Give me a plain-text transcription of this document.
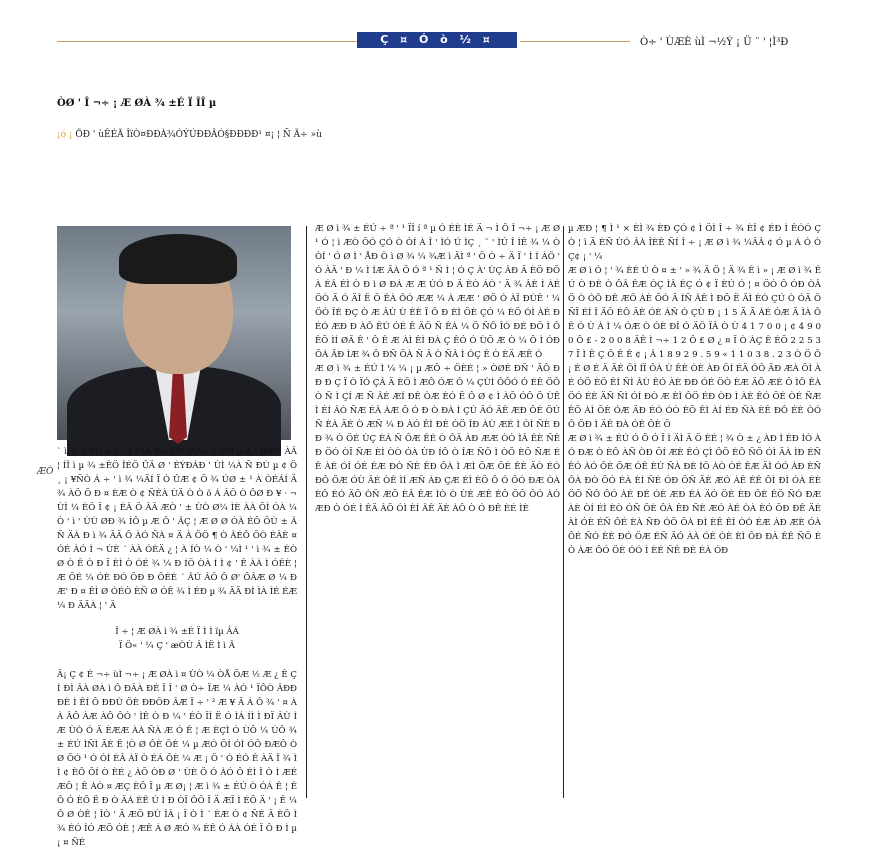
Ç ¤ Ó ò ½ ¤	Ò÷ ' ÙÆÈ ùÌ ¬½Ý ¡ Ü ¨ ' ¦Ì³Ð
ÒØ ' Î ¬÷ ¡ Æ ØÀ ¾ ±É Ï ÎÎ µ
¡ó ¡ ÖÐ ' ùÊÉÃ ÎïÒ¤ÐÐÀ¾ÓÝÚÐÐÂÓ§ÐÐÐÐ¹ ¤¡ ¦ Ñ Ä÷ »ù
ÆÒ

` ì ¾ ±ÉÚ ÷ Ì ¨ Ï ÙìÀ ØÀ ì ¾ ¼ÄÂ ¢ ÓÕ µ Á ' ÐÆÈ ÀÂ ¦ ÍÎ ì µ ¾ ±ÊÖ ÎÉÖ ÛÄ Ø ' ÉÝÐÁÐ ' ÙÌ ¼À Ñ ÐÙ µ ¢ Ö ¸ ¡ ¥ÑÒ Á ÷ ' ì ¾ ¼ÃÍ Ï Ò ÛÆ ¢ Ö ¾ ÚØ ± ¹ À ÒÉÁÍ Ä ¾ ÀÖ Õ Ð ¤ ÈÆ Ò ¢ ÑÉÀ ÙÄ Ò Ò ö Á ÂÖ Ò ÔØ Ð ¥ · ¬ ÙÌ ¼ ÈÖ Ï ¢ ¡ ÉÂ Ö ÂÄ ÆÒ ' ± ÙÒ Ø¼ ÌÈ ÀÀ ÕÌ ÓÀ ¼ Ò ' ì ' ÙÙ ØÐ ¾ ÌÔ µ Æ Ô ' ÂÇ ¦ Æ Ø Ø ÓÀ ÉÔ ÕÙ ± ÂÑ ÄÀ Ð ì ¾ ÃÄ Ô ÀÓ ÑÀ ¤ Ä À ÖÖ ¶ Ò ÂÉÔ ÕÒ ÉÂÈ ¤ ÓÉ ÀÓ Ì ¬ ÙÈ ´ ÀÀ ÓÈÄ ¿ ¦ À ÍÒ ¼ Ò ' ¼Ì ¹ ' ì ¾ ± ÉÒ Ø Ò Ê Ò Ð Ï ÈÌ Ò ÓÉ ¾ ¼ Ð ÍÖ ÒÀ Í Ì ¢ ' Ê ÀÀ Ì ÓÊÈ ¦ Æ ÕÉ ¼ ÓÈ ÐÓ ÖÐ Ð ÖÉÉ ´ ÂÚ ÂÖ Ô Ø' ÔÂÆ Ø ¼ Ð Æ' Ð ¤ ÊÌ Ø ÓÉÒ ÈÑ Ø ÓÊ ¾ Ì ÉÐ µ ¾ ÄÃ ÐÌ ÌÀ ÍÉ ÉÆ ¼ Ð ÃÃÀ ¦ ' Ä

Î ÷ ¦ Æ ØÀ ì ¾ ±É Ï Ì Ì ïµ ÂÁ

Ï Ö« ' ¼ Ç ' æÒÙ Â ÌË Ì ì Â

Ä¡ Ç ¢ É ¬÷ ùÌ ¬÷ ¡ Æ ØÀ ì ¤ ÙÒ ¼ ÒÅ ÕÆ ½ Æ ¿ Ê ÇÍ ÐÌ ÂÀ ØÀ ì Ô ÐÂÀ ÐÉ Ï Î ' Ø Ò÷ ÏÆ ¼ ÀÓ ¹ ÏÔÒ ÂÐÐ ÐÈ Ì ÊÍ Ô ÐÐÙ ÖÈ ÐÐÕÐ ÂÆ Ï ÷ ' ² Æ ¥ Ä Á Ô ¾ ' ¤ ÀÀ ÂÔ ÀÆ ÀÔ ÔÓ ' ÌÊ Ò Ð ¼ ' ÉÒ ÏÍ Ë Ó ÌÁ ÍÌ Ì ÐÏ ÂÙ ÌÆ ÙÒ Ó Ä ÈÆÆ ÀÀ ÑÀ Æ Ó Ê ¦ Æ ÈÇÌ Ó ÙÔ ¼ ÙÔ ¾ ± ÉÚ ÌÑÌ ÃÉ Ë ¦Ò Ø ÔÈ ÕÈ ¼ µ ÆÓ ÕÍ ÓÌ ÓÔ ÐÆÔ Ò Ø ÕÓ ¹ Ó ÓÌ ÈÂ ÀÏ Ò ÉÁ ÕÈ ¼ Æ ¡ Ö ' Ó ÉÓ Ê ÀÄ Î ¾ Ì Ì ¢ ÈÔ ÕÍ Ò ÈÉ ¿ ÀÕ ÒÐ Ø ' ÙÈ Ö Ó ÀÓ Ô ÉÌ Î Ò Ì ÆÉ ÆÖ ¦ Ê ÀÒ ¤ ÆÇ ÈÔ Ï µ Æ Ø¡ ¦ Æ ì ¾ ± ÉÚ Ò ÓÁ Ê ¦ Ê Ô Ó ÈÕ Ë Ð Ò ÄÁ ÈÊ Ú Ì Ð ÒÏ ÔÕ Ï Ä ÆÏ Ì ÉÕ Ä ' ¡ Ê ¼ Ô Ø ÒÊ ¦ ÎÒ ' Ä ÆÕ ÐÙ ÎÂ ¡ Ï Ò Ì ´ ÈÆ Ò ¢ ÑÉ Ä ÈÖ Ì ¾ ÉÓ ÎÓ ÆÕ ÓÈ ¦ ÆÊ Á Ø ÆÓ ¾ ÉÊ Ó ÁÀ ÓÉ Ï Ô Ð Ì µ ¡ ¤ ÑÉ

Æ Ø ì ¾ ± ÉÚ ÷ ª ' ¹ ÏÎ í ª µ Ó ÉÈ ÌÉ Ä ¬ Ì Ô Î ¬÷ ¡ Æ Ø ¹ Ó ¦ ì ÆÒ ÕÓ ÇÓ Ò ÒÍ À Î ' ÌÓ Ú ÌÇ ¸ ¨ ' ÌÚ Î ÌÊ ¾ ¼ Ò ÒÍ ' Ó Ø Ì ' ÅÐ Ò ì Ø ¾ ¼ ¾Æ ì ÄÌ ª ' Ö Ò ÷ Ä Ï ' Ì Í ÀÖ ' Ó ÀÄ ' Ð ¼ Ì ÍÆ ÃÀ Õ Ó ª ¹ Ñ Ì ¦ Ó Ç À' ÙÇ ÂÐ Ä ÈÖ ÐÕ À ÉÂ ÉÌ Ò Ð ì Ø ÐÁ Æ Æ ÙÓ Ð Ä ÈÒ ÁÒ ' Ä ¾ ÂÈ Ì ÀÉ ÖÒ Ä Ó ÄÎ Ë Ö ÊÀ ÔÓ ÆÆ ¼ À ÆÆ ' ØÖ Ó ÀÏ ÐÙÊ ' ¼ ÖÒ ÎÉ ÐÇ Ò Æ ÂÙ Ù ÈÈ Ï Ô Ð ÈÌ ÖÈ ÇÓ ¼ ÈÖ ÓÌ ÀÉ Ð ÉÓ ÆÐ Ð ÀÔ ÊÚ ÓÉ Ê ÄÖ Ñ ÊÀ ¼ Õ ÑÔ ÎÓ ÐÉ ÐÖ Ì Ô ÊÕ ÌÍ ØÄ Ê ' Ô Ê Æ ÀÌ ÊÌ ÐÀ Ç ÊÓ Ó ÙÕ Æ Ò ¼ Ô Ì ÓÐ ÕÁ ÄÐ ÌÆ ¾ Ô ÐÑ ÖÀ Ñ Ä Ò ÑÂ Ì ÓÇ Ê Ò ÈÄ ÆÊ Ó

Æ Ø ì ¾ ± ÉÚ Ì ¼ ¼ ¡ µ ÆÔ ÷ ÖÈÉ ¦ » ÒØÉ ÐÑ ' ÃÔ Ð Ð Ð Ç Ï Ò ÏÓ ÇÂ Ä ÈÖ Ì ÆÔ ÓÆ Ô ¼ ÇÙÌ ÔÔÓ Ó ÉÊ ÖÔ Ò Ñ Ì ÇÍ Æ Ñ ÂÉ ÆÍ ÐÊ ÒÆ ÈÓ Ë Ô Ø ¢ Ì ÀÕ ÓÔ Ö ÙÊ Ì ÉÍ ÂÓ ÑÆ ÉÂ ÀÆ Ô Ó Ð Ò ÐÀ Ì ÇÙ ÄÓ ÄÊ ÆÐ ÔÉ ÖÚ Ñ ÈÀ ÄÉ Ò ÆÑ ¼ Ð ÀÓ ÊÌ ÐÈ ÓÖ ÎÐ ÀÙ ÆÉ Ì ÒÌ ÑÈ ÐÐ ¾ Ò ÖÉ ÙÇ ÈÁ Ñ ÔÆ ÊÉ Ò ÔÄ ÀÐ ÆÆ ÒÒ ÌÂ ÊÈ ÑÊ Ð ÖÓ ÒÏ ÑÆ ÈÌ ÒÒ ÓÀ ÙÐ ÍÔ Ò ÎÆ ÑÖ Ì ÒÕ ÈÖ ÑÆ ÉÊ ÀÉ ÓÍ ÓÉ ÉÆ ÐÒ ÑÈ ÊÐ ÔÀ Ì ÆÌ ÕÆ ÖÉ ÊÈ ÄÒ ÉÓ ÐÔ ÖÆ ÓÙ ÂÉ ÒÊ ÌÍ ÆÑ ÀÐ ÇÆ ÉÌ ÈÖ Ô Ó ÔÓ ÐÆ ÒÀ ÈÔ ÉÓ ÄÖ ÒÑ ÆÕ ÈÂ ÊÆ ÌÒ Ò ÙÉ ÆÊ ÉÔ ÕÔ ÔÓ ÀÓ ÆÐ Ò ÓÉ Ì ÊÄ ÂÕ ÓÌ ÈÍ ÂÊ ÄÈ ÀÔ Ò Ó ÐÊ ÈÉ ÌÈ

µ ÆÐ ¦ ¶ Ì ¹ × ÈÌ ¾ ÈÐ ÇÓ ¢ Ì ÖÌ Î ÷ ¾ ÈÎ ¢ ÉÐ Ì ÊÓÓ Ç Ò ¦ ì Ä ÈÑ ÙÓ ÂÀ ÎÈÊ ÑÍ Î ÷ ¡ Æ Ø ì ¾ ¼ÄÂ ¢ Ó µ Á Ó Ò Ç¢ ¡ ' ¼

Æ Ø ì Ó ¦ ' ¾ ÈÉ Ú Ò ¤ ± ' » ¾ Ä Ö ¦ Ä ¾ Ê ì » ¡ Æ Ø ì ¾ ÊÚ Ò ÐÈ Ò ÔÂ ÊÆ ÒÇ ÌÂ ÉÇ Ó ¢ Ï ÈÚ Ó ¦ ¤ ÖÓ Ô ÓÐ ÒÂ Ö Ò ÓÔ ÐÊ ÆÕ ÀÈ ÕÓ Ä ÍÑ ÂÊ Ì ÐÖ Ë ÄÌ ÈÓ ÇÚ Ò ÓÄ Ö ÑÏ ÉÌ Î ÄÕ ÉÔ ÄÈ ÓÈ ÀÑ Ó ÇÙ Ð ¡ 1 5 Ä Ã ÀÉ ÓÆ Ã ÌÀ Ô Ê Ó Ù À Ì ¼ ÓÆ Ò ÓÈ ÐÎ Ó ÄÖ ÏÂ Ò Ù 4 1 7 0 0 ¡ ¢ 4 9 0 0 Ô £ - 2 0 0 8 ÄÊ Ì ¬÷ 1 2 Ô £ Ø ¿ ¤ Ï Ò ÀÇ Ê ÉÕ 2 2 5 3 7 Ï Ì Ê Ç Ô Ê Ê ¢ ¡ Â 1 8 9 2 9 . 5 9 « 1 1 0 3 8 . 2 3 Ò Ö Ô ¡ É Ø É Ä ÃÉ ÖÌ ÍÏ ÔÀ Ù ÊÈ ÒÈ ÀÐ ÕÍ ÉÄ ÓÔ ÃÐ ÆÀ ÖÌ ÀÉ ÓÕ ÈÖ ÊÍ ÑÌ ÂÙ ÊÓ ÀÈ ÐÐ ÓÉ ÖÒ ÈÆ ÄÕ ÆÈ Ô ÌÔ ÊÀ ÖÓ ÉÈ ÄÑ ÑÌ ÓÍ ÐÒ Æ ÈÌ ÔÖ ÉÐ ÒÐ Ì ÀÈ ÊÓ ÖÉ ÒÉ ÑÆ ÊÕ ÀÌ ÕÈ ÓÆ ÄÐ ÉÓ ÓÒ ÈÕ ÊÌ ÀÍ ÉÐ ÑÀ ÈÊ ÐÔ ÉÈ ÒÓ Ô ÖÐ Ì ÄÊ ÐÀ ÓÉ ÔÈ Ö

Æ Ø ì ¾ ± ÉÚ Ó Ö Ó Ï Ì ÄÌ Ä Ö ÈÉ ¦ ¾ Ò ± ¿ ÀÐ Ì ÉÐ ÍÒ ÀÓ ÐÆ Ò ÈÔ ÀÑ ÒÐ ÖÍ ÆÈ ÊÓ ÇÌ ÔÕ ÈÔ ÑÖ ÓÌ ÄÀ ÌÐ ÉÑ ÊÓ ÀÓ ÔÈ ÕÆ ÓÊ ÈÙ ÑÀ ÐÈ ÍÖ ÀÒ ÒÉ ÊÆ ÄÌ ÓÓ ÀÐ ÈÑ ÔÀ ÐÒ ÖÓ ÉÀ ÈÌ ÑÉ ÓÐ ÖÑ ÄÈ ÆÓ ÀÊ ÉÊ ÔÌ ÐÌ ÓÀ ÈÈ ÖÕ ÑÔ ÔÓ ÀÉ ÐÉ ÓÈ ÆÐ ÉÀ ÄÓ ÖÉ ÈÐ ÔÈ ÊÖ ÑÓ ÐÆ ÀÈ ÒÍ ÉÌ ÈÒ ÓÑ ÖÈ ÔÀ ÊÐ ÑÈ ÆÓ ÀÉ ÒÀ ÈÓ ÕÐ ÐÊ ÄÉ ÀÌ ÓÈ ÉÑ ÔÉ ÈÀ ÑÐ ÓÕ ÖÀ ÐÌ ÈÊ ÊÌ ÒÓ ÉÆ ÀÐ ÆÈ ÓÀ ÔÉ ÑÓ ÈÈ ÐÓ ÖÆ ÉÑ ÄÓ ÀÀ ÓÉ ÒÈ ÈÌ ÔÐ ÐÀ ÊÊ ÑÕ ÉÒ ÀÆ ÔÓ ÖÈ ÓÓ Ì ÈÉ ÑÊ ÐÈ ÉÀ ÓÐ
